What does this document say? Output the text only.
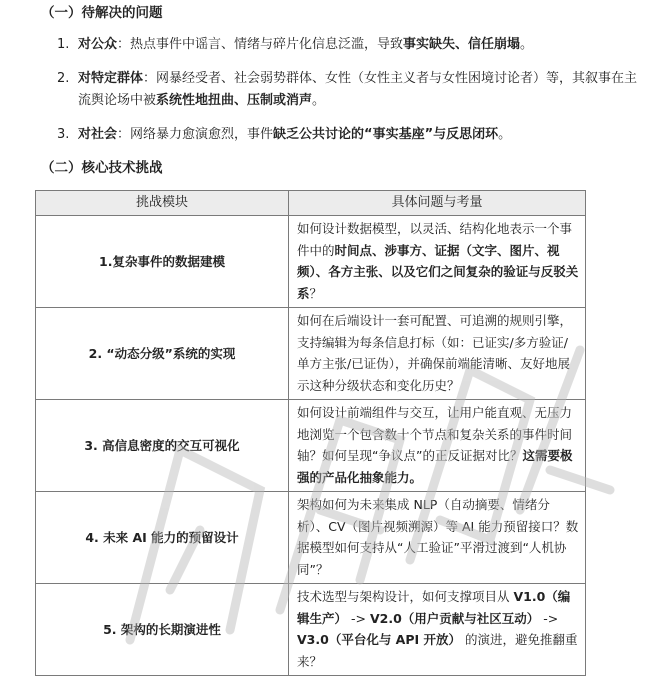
（一）待解决的问题
1. 对公众：热点事件中谣言、情绪与碎片化信息泛滥，导致事实缺失、信任崩塌。
2. 对特定群体：网暴经受者、社会弱势群体、女性（女性主义者与女性困境讨论者）等，其叙事在主流舆论场中被系统性地扭曲、压制或消声。
3. 对社会：网络暴力愈演愈烈，事件缺乏公共讨论的“事实基座”与反思闭环。
（二）核心技术挑战
挑战模块	具体问题与考量
1.复杂事件的数据建模	如何设计数据模型，以灵活、结构化地表示一个事件中的时间点、涉事方、证据（文字、图片、视频）、各方主张、以及它们之间复杂的验证与反驳关系？
2. “动态分级”系统的实现	如何在后端设计一套可配置、可追溯的规则引擎，支持编辑为每条信息打标（如：已证实/多方验证/单方主张/已证伪），并确保前端能清晰、友好地展示这种分级状态和变化历史？
3. 高信息密度的交互可视化	如何设计前端组件与交互，让用户能直观、无压力地浏览一个包含数十个节点和复杂关系的事件时间轴？如何呈现“争议点”的正反证据对比？这需要极强的产品化抽象能力。
4. 未来 AI 能力的预留设计	架构如何为未来集成 NLP（自动摘要、情绪分析）、CV（图片视频溯源）等 AI 能力预留接口？数据模型如何支持从“人工验证”平滑过渡到“人机协同”？
5. 架构的长期演进性	技术选型与架构设计，如何支撑项目从 V1.0（编辑生产） -> V2.0（用户贡献与社区互动） -> V3.0（平台化与 API 开放） 的演进，避免推翻重来？
